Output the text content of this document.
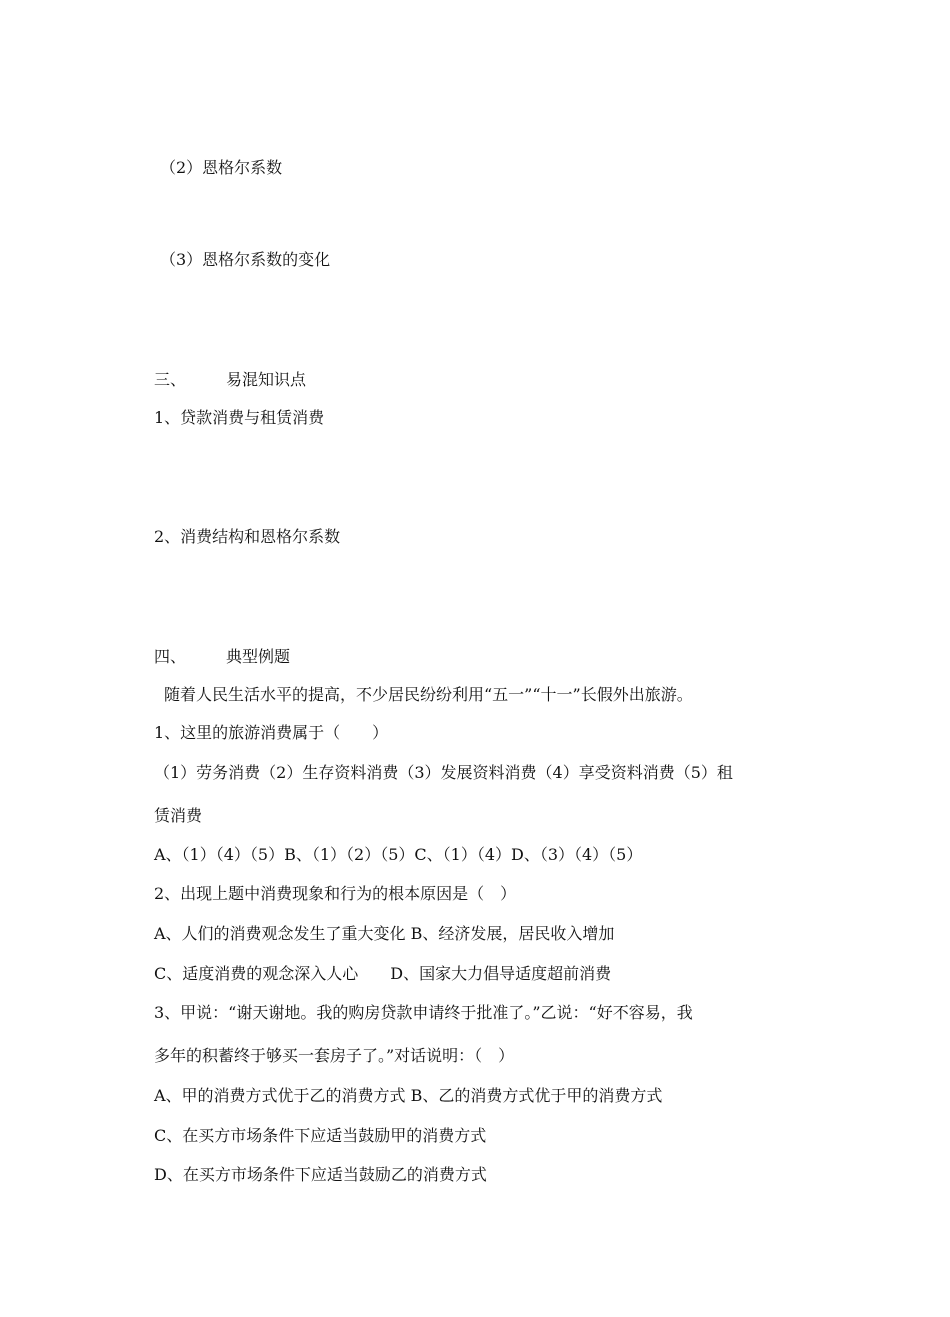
（2）恩格尔系数
（3）恩格尔系数的变化
三、 易混知识点
1、贷款消费与租赁消费
2、消费结构和恩格尔系数
四、 典型例题
随着人民生活水平的提高，不少居民纷纷利用“五一”“十一”长假外出旅游。
1、这里的旅游消费属于（　　）
（1）劳务消费（2）生存资料消费（3）发展资料消费（4）享受资料消费（5）租
赁消费
A、（1）（4）（5）B、（1）（2）（5）C、（1）（4）D、（3）（4）（5）
2、出现上题中消费现象和行为的根本原因是（　）
A、人们的消费观念发生了重大变化 B、经济发展，居民收入增加
C、适度消费的观念深入人心　　D、国家大力倡导适度超前消费
3、甲说：“谢天谢地。我的购房贷款申请终于批准了。”乙说：“好不容易，我
多年的积蓄终于够买一套房子了。”对话说明：（　）
A、甲的消费方式优于乙的消费方式 B、乙的消费方式优于甲的消费方式
C、在买方市场条件下应适当鼓励甲的消费方式
D、在买方市场条件下应适当鼓励乙的消费方式
